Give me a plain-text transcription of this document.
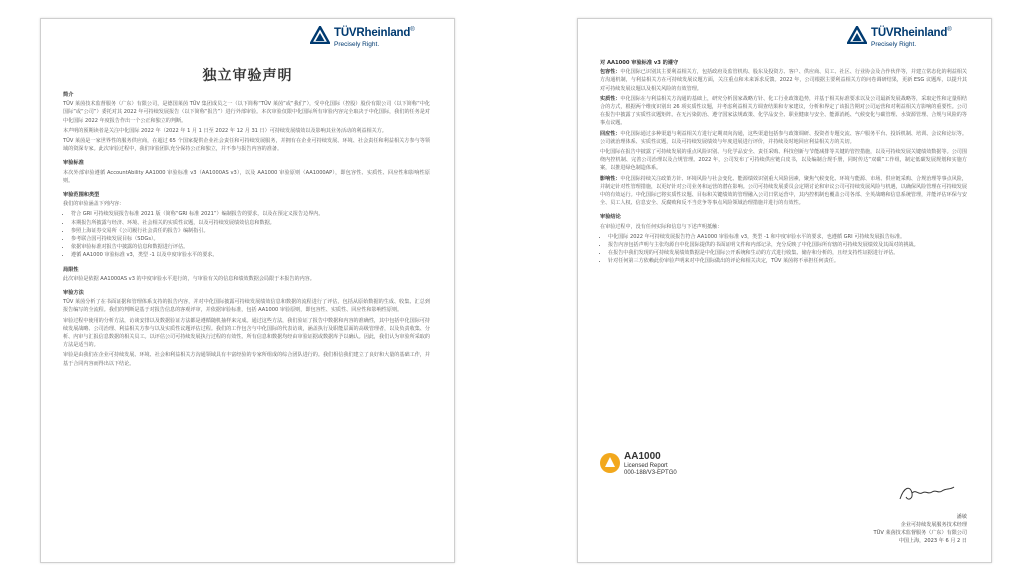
TÜVRheinland®
Precisely Right.
独立审验声明
简介
TÜV 莱茵技术监督服务（广东）有限公司，是德国莱茵 TÜV 集团成员之一（以下简称“TÜV 莱茵”或“我们”），受中化国际（控股）股份有限公司（以下简称“中化国际”或“公司”）委托对其 2022 年可持续发展报告（以下简称“报告”）进行外部审验。本次审验仅限中化国际所有审验内容完全取决于中化国际，我们的任务是对中化国际 2022 年度报告作出一个公正和独立的判断。
本声明的预期读者是关注中化国际 2022 年（2022 年 1 月 1 日至 2022 年 12 月 31 日）可持续发展绩效以及影响其业务活动的利益相关方。
TÜV 莱茵是一家世界性的服务供应商，在超过 65 个国家提供企业社会责任和可持续发展服务，并拥有在企业可持续发展、环境、社会责任和利益相关方参与等领域的资深专家。此次审验过程中，我们审验团队充分保持公正和独立，并不参与报告内容的准备。
审验标准
本次外部审验遵循 AccountAbility AA1000 审验标准 v3（AA1000AS v3），以及 AA1000 审验原则（AA1000AP），即包容性、实质性、回应性和影响性原则。
审验范围和类型
我们的审验涵盖下列内容：
• 符合 GRI 可持续发展报告标准 2021 版（简称“GRI 标准 2021”）编制报告的要求，以及在预定义报告边界内。
• 本期报告所披露与经济、环境、社会相关的实质性议题，以及可持续发展绩效信息和数据。
• 参照上海证券交易所《公司履行社会责任的报告》编制指引。
• 参考联合国可持续发展目标（SDGs）。
• 依据审验标准对报告中披露的信息和数据进行评估。
• 遵循 AA1000 审验标准 v3，类型 -1 以及中度审验水平的要求。
局限性
此次审验是依据 AA1000AS v3 的中度审验水平进行的，与审验有关的信息和绩效数据会局限于本报告的内容。
审验方法
TÜV 莱茵分析了在书面证据和管理体系支持的报告内容，并对中化国际披露可持续发展绩效信息和数据的流程进行了评估，包括从原始数据的生成、收集、汇总到报告编写的全流程。我们的判断是基于对报告信息的客观评审，并依据审验标准，包括 AA1000 审验原则，即包容性、实质性、回应性和影响性原则。
审验过程中使用的分析方法，访谈安排以及数据验证方法都是遵循随机抽样来完成。通过这些方法，我们验证了报告中数据和内容的准确性，其中包括中化国际可持续发展战略、公司治理、利益相关方参与以及实质性议题评估过程。我们的工作包含与中化国际的代表访谈，涵盖执行及职能层面的高级管理者，以及负责收集、分析、内审与汇报信息数据的相关员工。以评估公司可持续发展执行过程的有效性。所有信息和数据均经由审验证据或数据库予以确认。因此，我们认为审验所采取的方法是适当的。
审验是由我们在企业可持续发展、环境、社会和利益相关方沟通领域具有丰富经验的专家所组成的综合团队进行的。我们相信我们建立了良好和大量的基础工作，并基于合同内容而得出以下结论。
TÜVRheinland®
Precisely Right.
对 AA1000 审验标准 v3 的遵守
包容性：中化国际已识别其主要利益相关方，包括政府及监管机构、股东及投资方、客户、供应商、员工、社区、行业协会及合作伙伴等，并建立常态化的利益相关方沟通机制，与利益相关方在可持续发展议题方面，关注重点和未来诉求反馈。2022 年，公司根据主要利益相关方的问卷调研结果，更新 ESG 议题库，以提升其对可持续发展议题以及相关风险的有效管理。
实质性：中化国际在与利益相关方沟通的基础上，研究分析国家战略方针、化工行业政策趋势，并基于相关标准要求以及公司最新发展战略等，采取定性和定量相结合的方式，根据两个维度识别出 26 项实质性议题，并考虑利益相关方调查结果和专家建议，分析和界定了该报告期对公司运营和对利益相关方影响的重要性。公司在报告中披露了实质性议题矩阵。在无污染防治、遵守国家法规政策、化学品安全、职业健康与安全、能源消耗、气候变化与碳管理、水资源管理、合规与风险的等事点议题。
回应性：中化国际通过多种渠道与利益相关方进行定期双向沟通，这些渠道包括参与政策调研、投资者专题交流、客户服务平台、投诉机制、培训、会议和论坛等。公司就治理体系、实质性议题，以及可持续发展绩效与年度进展进行评价，并持续及时地回应利益相关方的关切。
中化国际在报告中披露了可持续发展的重点风险识别、与化学品安全、责任采购、科技创新与节能减排等关键的管控措施，以及可持续发展关键绩效数据等。公司围绕内控机制、完善公司治理以及合规管理。2022 年，公司发布了可持续供应链白皮书，以及编制合规手册，同时传达“双碳”工作组，制定低碳发展规划和实施方案，以推进绿色制造体系。
影响性：中化国际持续关注政策方针、环境风险与社会变化、能源绩效识别重大风险因素，聚焦气候变化、环境与能源、市场、供应链采购、合规治理等事点风险，并制定针对性管理措施，以更好针对公司业务和运营的潜在影响。公司可持续发展委员会定期讨论和审议公司可持续发展风险与机遇，以确保风险管理在可持续发展中的有效运行。中化国际已将实质性议题、目标和关键绩效的管理融入公司日常运营中，其内控机制也覆盖公司各部、全英战略和信息系统管理，并能评估环保与安全、员工人权、信息安全、反腐败和反不当竞争等事点风险领域治理措施并进行的有效性。
审验结论
在审验过程中，没有任何实际和信息与下述声明抵触：
• 中化国际 2022 年可持续发展报告符合 AA1000 审验标准 v3，类型 -1 和中度审验水平的要求，也遵循 GRI 可持续发展报告标准。
• 报告内容包括声明与主张均源自中化国际提供的书面证明文件和内部记录，充分反映了中化国际所有辖的可持续发展绩效及其面对的挑战。
• 在报告中我们发现的可持续发展绩效数据是中化国际公开系统和生动的方式进行收集、储存和分析的，且经支持性证据进行评估。
• 针对任何第三方依赖此份审验声明来对中化国际做出的评论和相关决定，TÜV 莱茵将不承担任何责任。
AA1000
Licensed Report
000-188/V3-EPTG0
潘敏
企业可持续发展服务技术经理
TÜV 莱茵技术监督服务（广东）有限公司
中国上海，2023 年 6 月 2 日
